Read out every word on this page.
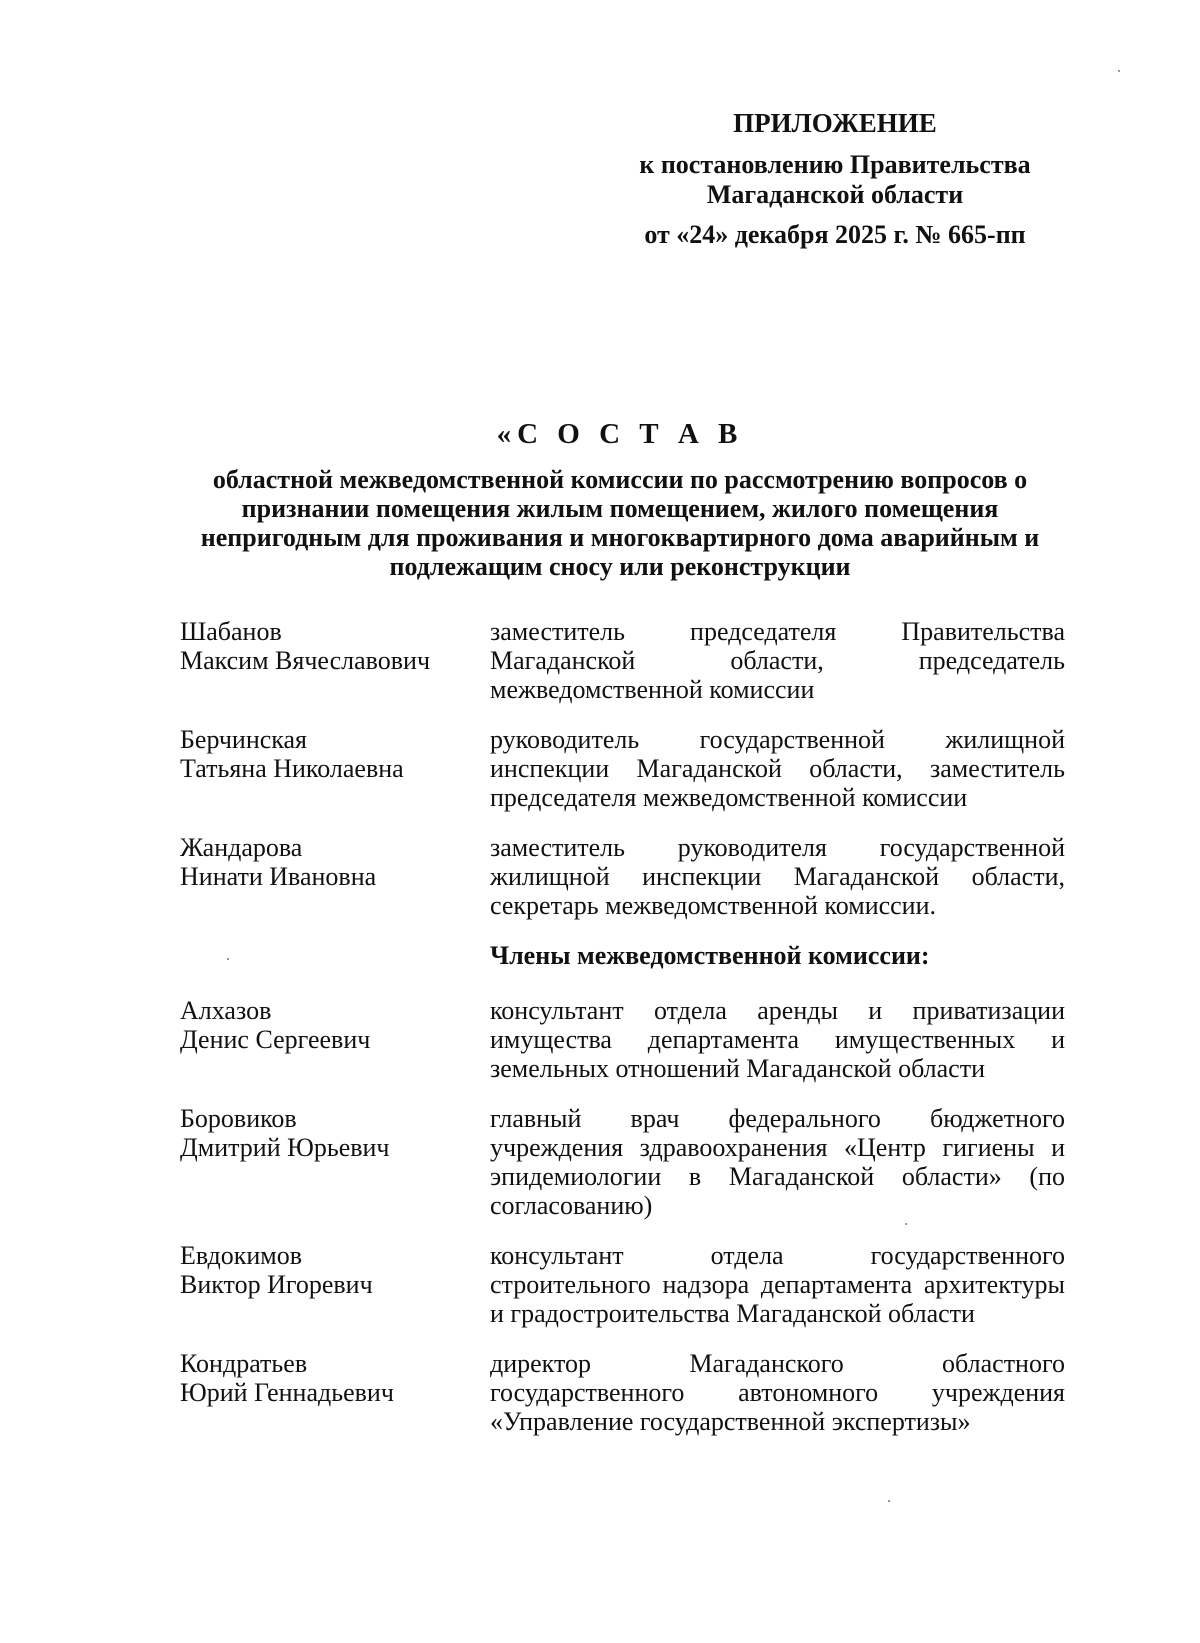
ПРИЛОЖЕНИЕ
к постановлению Правительства
Магаданской области
от «24» декабря 2025 г. № 665-пп
«С О С Т А В
областной межведомственной комиссии по рассмотрению вопросов о признании помещения жилым помещением, жилого помещения непригодным для проживания и многоквартирного дома аварийным и подлежащим сносу или реконструкции
Шабанов
Максим Вячеславович
заместитель председателя Правительства Магаданской области, председатель межведомственной комиссии
Берчинская
Татьяна Николаевна
руководитель государственной жилищной инспекции Магаданской области, заместитель председателя межведомственной комиссии
Жандарова
Нинати Ивановна
заместитель руководителя государственной жилищной инспекции Магаданской области, секретарь межведомственной комиссии.
Члены межведомственной комиссии:
Алхазов
Денис Сергеевич
консультант отдела аренды и приватизации имущества департамента имущественных и земельных отношений Магаданской области
Боровиков
Дмитрий Юрьевич
главный врач федерального бюджетного учреждения здравоохранения «Центр гигиены и эпидемиологии в Магаданской области» (по согласованию)
Евдокимов
Виктор Игоревич
консультант отдела государственного строительного надзора департамента архитектуры и градостроительства Магаданской области
Кондратьев
Юрий Геннадьевич
директор Магаданского областного государственного автономного учреждения «Управление государственной экспертизы»
